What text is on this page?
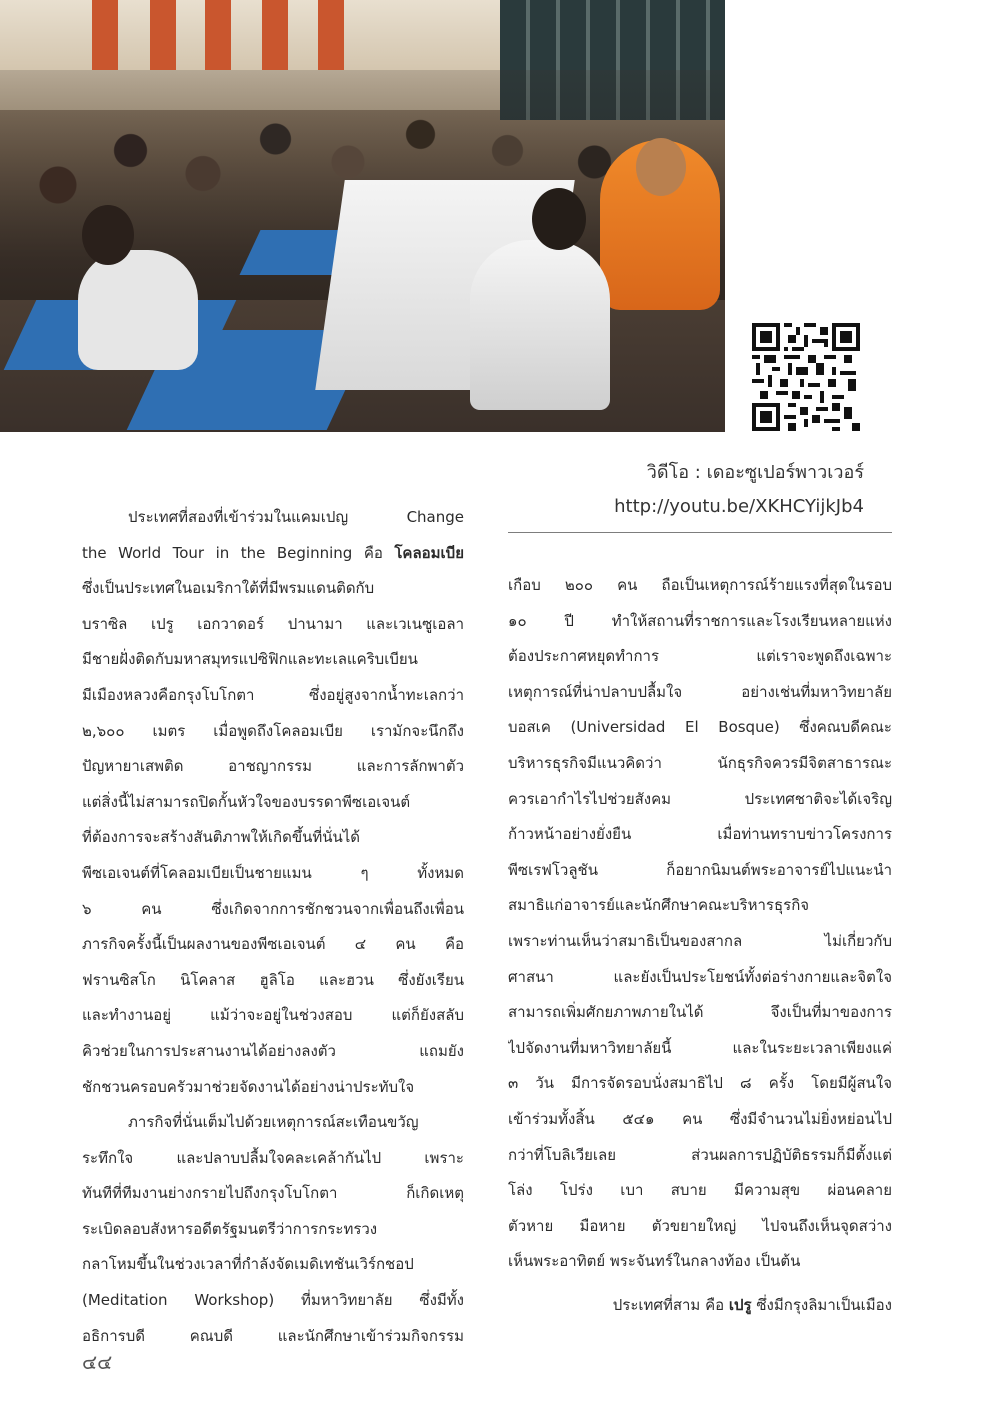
วิดีโอ : เดอะซูเปอร์พาวเวอร์
http://youtu.be/XKHCYijkJb4
ประเทศที่สองที่เข้าร่วมในแคมเปญ Change
the World Tour in the Beginning คือ โคลอมเบีย
ซึ่งเป็นประเทศในอเมริกาใต้ที่มีพรมแดนติดกับ
บราซิล เปรู เอกวาดอร์ ปานามา และเวเนซูเอลา
มีชายฝั่งติดกับมหาสมุทรแปซิฟิกและทะเลแคริบเบียน
มีเมืองหลวงคือกรุงโบโกตา ซึ่งอยู่สูงจากน้ำทะเลกว่า
๒,๖๐๐ เมตร เมื่อพูดถึงโคลอมเบีย เรามักจะนึกถึง
ปัญหายาเสพติด อาชญากรรม และการลักพาตัว
แต่สิ่งนี้ไม่สามารถปิดกั้นหัวใจของบรรดาพีซเอเจนต์
ที่ต้องการจะสร้างสันติภาพให้เกิดขึ้นที่นั่นได้
พีซเอเจนต์ที่โคลอมเบียเป็นชายแมน ๆ ทั้งหมด
๖ คน ซึ่งเกิดจากการชักชวนจากเพื่อนถึงเพื่อน
ภารกิจครั้งนี้เป็นผลงานของพีซเอเจนต์ ๔ คน คือ
ฟรานซิสโก นิโคลาส ฮูลิโอ และฮวน ซึ่งยังเรียน
และทำงานอยู่ แม้ว่าจะอยู่ในช่วงสอบ แต่ก็ยังสลับ
คิวช่วยในการประสานงานได้อย่างลงตัว แถมยัง
ชักชวนครอบครัวมาช่วยจัดงานได้อย่างน่าประทับใจ
ภารกิจที่นั่นเต็มไปด้วยเหตุการณ์สะเทือนขวัญ
ระทึกใจ และปลาบปลื้มใจคละเคล้ากันไป เพราะ
ทันทีที่ทีมงานย่างกรายไปถึงกรุงโบโกตา ก็เกิดเหตุ
ระเบิดลอบสังหารอดีตรัฐมนตรีว่าการกระทรวง
กลาโหมขึ้นในช่วงเวลาที่กำลังจัดเมดิเทชันเวิร์กชอป
(Meditation Workshop) ที่มหาวิทยาลัย ซึ่งมีทั้ง
อธิการบดี คณบดี และนักศึกษาเข้าร่วมกิจกรรม
เกือบ ๒๐๐ คน ถือเป็นเหตุการณ์ร้ายแรงที่สุดในรอบ
๑๐ ปี ทำให้สถานที่ราชการและโรงเรียนหลายแห่ง
ต้องประกาศหยุดทำการ แต่เราจะพูดถึงเฉพาะ
เหตุการณ์ที่น่าปลาบปลื้มใจ อย่างเช่นที่มหาวิทยาลัย
บอสเค (Universidad El Bosque) ซึ่งคณบดีคณะ
บริหารธุรกิจมีแนวคิดว่า นักธุรกิจควรมีจิตสาธารณะ
ควรเอากำไรไปช่วยสังคม ประเทศชาติจะได้เจริญ
ก้าวหน้าอย่างยั่งยืน เมื่อท่านทราบข่าวโครงการ
พีซเรฟโวลูชัน ก็อยากนิมนต์พระอาจารย์ไปแนะนำ
สมาธิแก่อาจารย์และนักศึกษาคณะบริหารธุรกิจ
เพราะท่านเห็นว่าสมาธิเป็นของสากล ไม่เกี่ยวกับ
ศาสนา และยังเป็นประโยชน์ทั้งต่อร่างกายและจิตใจ
สามารถเพิ่มศักยภาพภายในได้ จึงเป็นที่มาของการ
ไปจัดงานที่มหาวิทยาลัยนี้ และในระยะเวลาเพียงแค่
๓ วัน มีการจัดรอบนั่งสมาธิไป ๘ ครั้ง โดยมีผู้สนใจ
เข้าร่วมทั้งสิ้น ๕๔๑ คน ซึ่งมีจำนวนไม่ยิ่งหย่อนไป
กว่าที่โบลิเวียเลย ส่วนผลการปฏิบัติธรรมก็มีตั้งแต่
โล่ง โปร่ง เบา สบาย มีความสุข ผ่อนคลาย
ตัวหาย มือหาย ตัวขยายใหญ่ ไปจนถึงเห็นจุดสว่าง
เห็นพระอาทิตย์ พระจันทร์ในกลางท้อง เป็นต้น
ประเทศที่สาม คือ เปรู ซึ่งมีกรุงลิมาเป็นเมือง
๔๔
